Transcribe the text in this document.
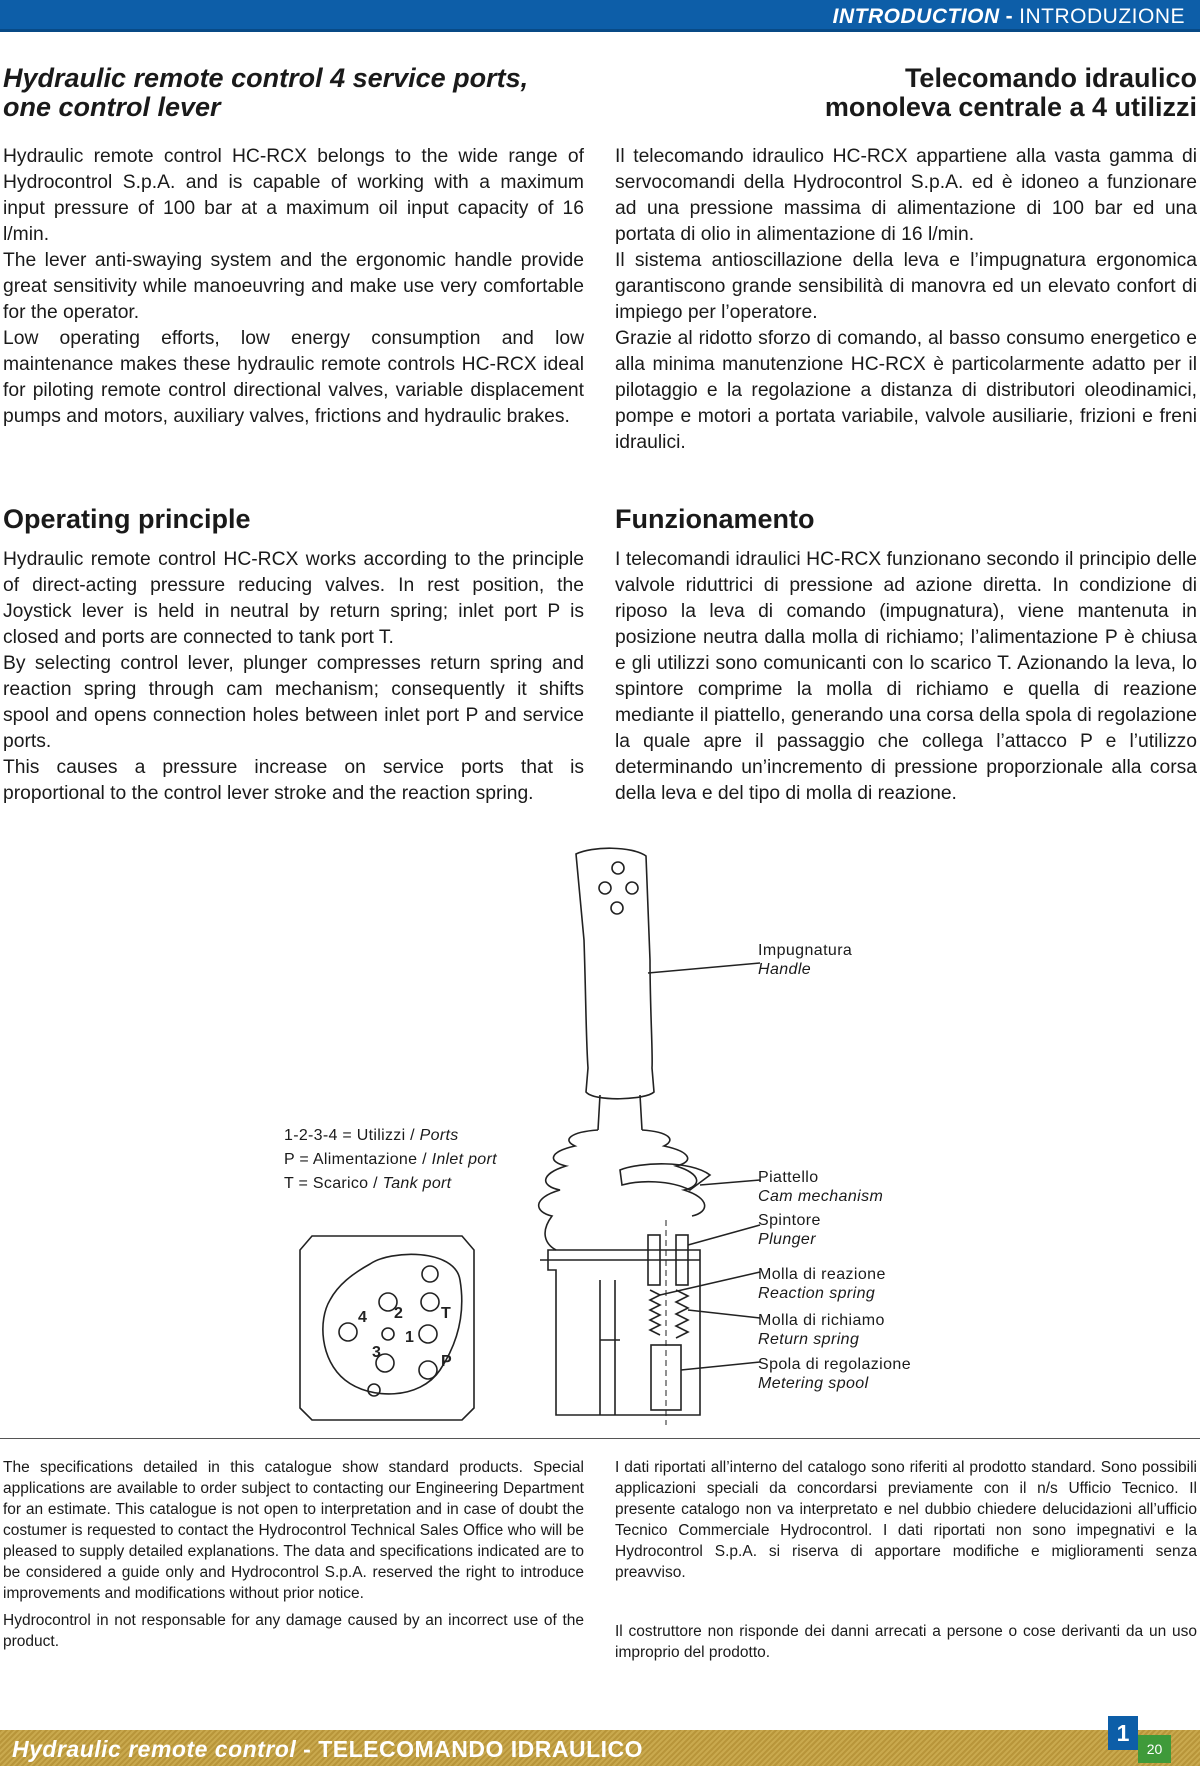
INTRODUCTION - INTRODUZIONE
Hydraulic remote control 4 service ports,
one control lever

Hydraulic remote control HC-RCX belongs to the wide range of Hydrocontrol S.p.A. and is capable of working with a maximum input pressure of 100 bar at a maximum oil input capacity of 16 l/min.

The lever anti-swaying system and the ergonomic handle provide great sensitivity while manoeuvring and make use very comfortable for the operator.

Low operating efforts, low energy consumption and low maintenance makes these hydraulic remote controls HC-RCX ideal for piloting remote control directional valves, variable displacement pumps and motors, auxiliary valves, frictions and hydraulic brakes.

Operating principle

Hydraulic remote control HC-RCX works according to the principle of direct-acting pressure reducing valves. In rest position, the Joystick lever is held in neutral by return spring; inlet port P is closed and ports are connected to tank port T.

By selecting control lever, plunger compresses return spring and reaction spring through cam mechanism; consequently it shifts spool and opens connection holes between inlet port P and service ports.

This causes a pressure increase on service ports that is proportional to the control lever stroke and the reaction spring.

Telecomando idraulico
monoleva centrale a 4 utilizzi

Il telecomando idraulico HC-RCX appartiene alla vasta gamma di servocomandi della Hydrocontrol S.p.A. ed è idoneo a funzionare ad una pressione massima di alimentazione di 100 bar ed una portata di olio in alimentazione di 16 l/min.

Il sistema antioscillazione della leva e l’impugnatura ergonomica garantiscono grande sensibilità di manovra ed un elevato confort di impiego per l’operatore.

Grazie al ridotto sforzo di comando, al basso consumo energetico e alla minima manutenzione HC-RCX è particolarmente adatto per il pilotaggio e la regolazione a distanza di distributori oleodinamici, pompe e motori a portata variabile, valvole ausiliarie, frizioni e freni idraulici.

Funzionamento

I telecomandi idraulici HC-RCX funzionano secondo il principio delle valvole riduttrici di pressione ad azione diretta. In condizione di riposo la leva di comando (impugnatura), viene mantenuta in posizione neutra dalla molla di richiamo; l’alimentazione P è chiusa e gli utilizzi sono comunicanti con lo scarico T. Azionando la leva, lo spintore comprime la molla di richiamo e quella di reazione mediante il piattello, generando una corsa della spola di regolazione la quale apre il passaggio che collega l’attacco P e l’utilizzo determinando un’incremento di pressione proporzionale alla corsa della leva e del tipo di molla di reazione.

2 T
4
1
3
P
1-2-3-4 = Utilizzi / Ports
P = Alimentazione / Inlet port
T = Scarico / Tank port
Impugnatura
Handle
Piattello
Cam mechanism
Spintore
Plunger
Molla di reazione
Reaction spring
Molla di richiamo
Return spring
Spola di regolazione
Metering spool

The specifications detailed in this catalogue show standard products. Special applications are available to order subject to contacting our Engineering Department for an estimate. This catalogue is not open to interpretation and in case of doubt the costumer is requested to contact the Hydrocontrol Technical Sales Office who will be pleased to supply detailed explanations. The data and specifications indicated are to be considered a guide only and Hydrocontrol S.p.A. reserved the right to introduce improvements and modifications without prior notice.

Hydrocontrol in not responsable for any damage caused by an incorrect use of the product.

I dati riportati all’interno del catalogo sono riferiti al prodotto standard. Sono possibili applicazioni speciali da concordarsi previamente con il n/s Ufficio Tecnico. Il presente catalogo non va interpretato e nel dubbio chiedere delucidazioni all’ufficio Tecnico Commerciale Hydrocontrol. I dati riportati non sono impegnativi e la Hydrocontrol S.p.A. si riserva di apportare modifiche e miglioramenti senza preavviso.

Il costruttore non risponde dei danni arrecati a persone o cose derivanti da un uso improprio del prodotto.

Hydraulic remote control - TELECOMANDO IDRAULICO
1
20
